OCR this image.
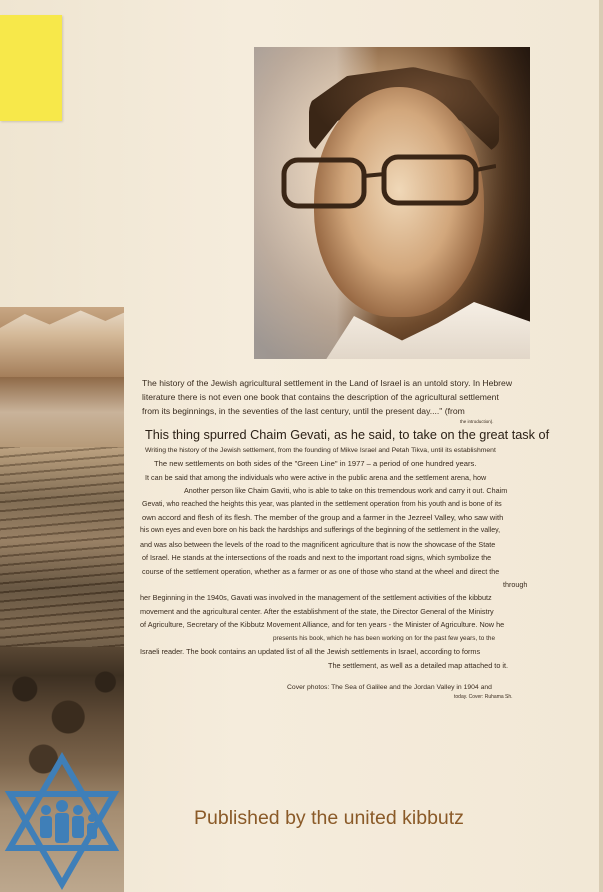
The history of the Jewish agricultural settlement in the Land of Israel is an untold story. In Hebrew
literature there is not even one book that contains the description of the agricultural settlement
from its beginnings, in the seventies of the last century, until the present day...." (from
the introduction).
This thing spurred Chaim Gevati, as he said, to take on the great task of
Writing the history of the Jewish settlement, from the founding of Mikve Israel and Petah Tikva, until its establishment
The new settlements on both sides of the "Green Line" in 1977 – a period of one hundred years.
It can be said that among the individuals who were active in the public arena and the settlement arena, how
Another person like Chaim Gaviti, who is able to take on this tremendous work and carry it out. Chaim
Gevati, who reached the heights this year, was planted in the settlement operation from his youth and is bone of its
own accord and flesh of its flesh. The member of the group and a farmer in the Jezreel Valley, who saw with
his own eyes and even bore on his back the hardships and sufferings of the beginning of the settlement in the valley,
and was also between the levels of the road to the magnificent agriculture that is now the showcase of the State
of Israel. He stands at the intersections of the roads and next to the important road signs, which symbolize the
course of the settlement operation, whether as a farmer or as one of those who stand at the wheel and direct the
through
her Beginning in the 1940s, Gavati was involved in the management of the settlement activities of the kibbutz
movement and the agricultural center. After the establishment of the state, the Director General of the Ministry
of Agriculture, Secretary of the Kibbutz Movement Alliance, and for ten years - the Minister of Agriculture. Now he
presents his book, which he has been working on for the past few years, to the
Israeli reader. The book contains an updated list of all the Jewish settlements in Israel, according to forms
The settlement, as well as a detailed map attached to it.
Cover photos: The Sea of Galilee and the Jordan Valley in 1904 and
today. Cover: Ruhama Sh.
Published by the united kibbutz
